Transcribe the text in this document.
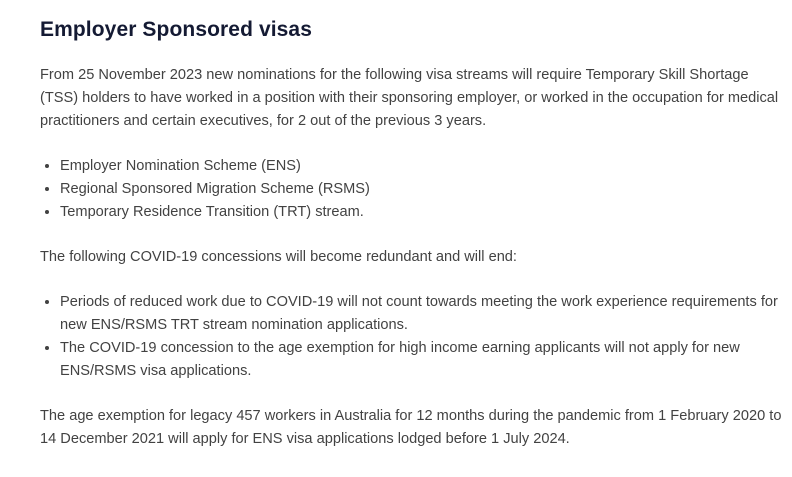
Employer Sponsored visas

From 25 November 2023 new nominations for the following visa streams will require Temporary Skill Shortage (TSS) holders to have worked in a position with their sponsoring employer, or worked in the occupation for medical practitioners and certain executives, for 2 out of the previous 3 years.

• Employer Nomination Scheme (ENS)
• Regional Sponsored Migration Scheme (RSMS)
• Temporary Residence Transition (TRT) stream.

The following COVID-19 concessions will become redundant and will end:

• Periods of reduced work due to COVID-19 will not count towards meeting the work experience requirements for new ENS/RSMS TRT stream nomination applications.
• The COVID-19 concession to the age exemption for high income earning applicants will not apply for new ENS/RSMS visa applications.

The age exemption for legacy 457 workers in Australia for 12 months during the pandemic from 1 February 2020 to 14 December 2021 will apply for ENS visa applications lodged before 1 July 2024.
